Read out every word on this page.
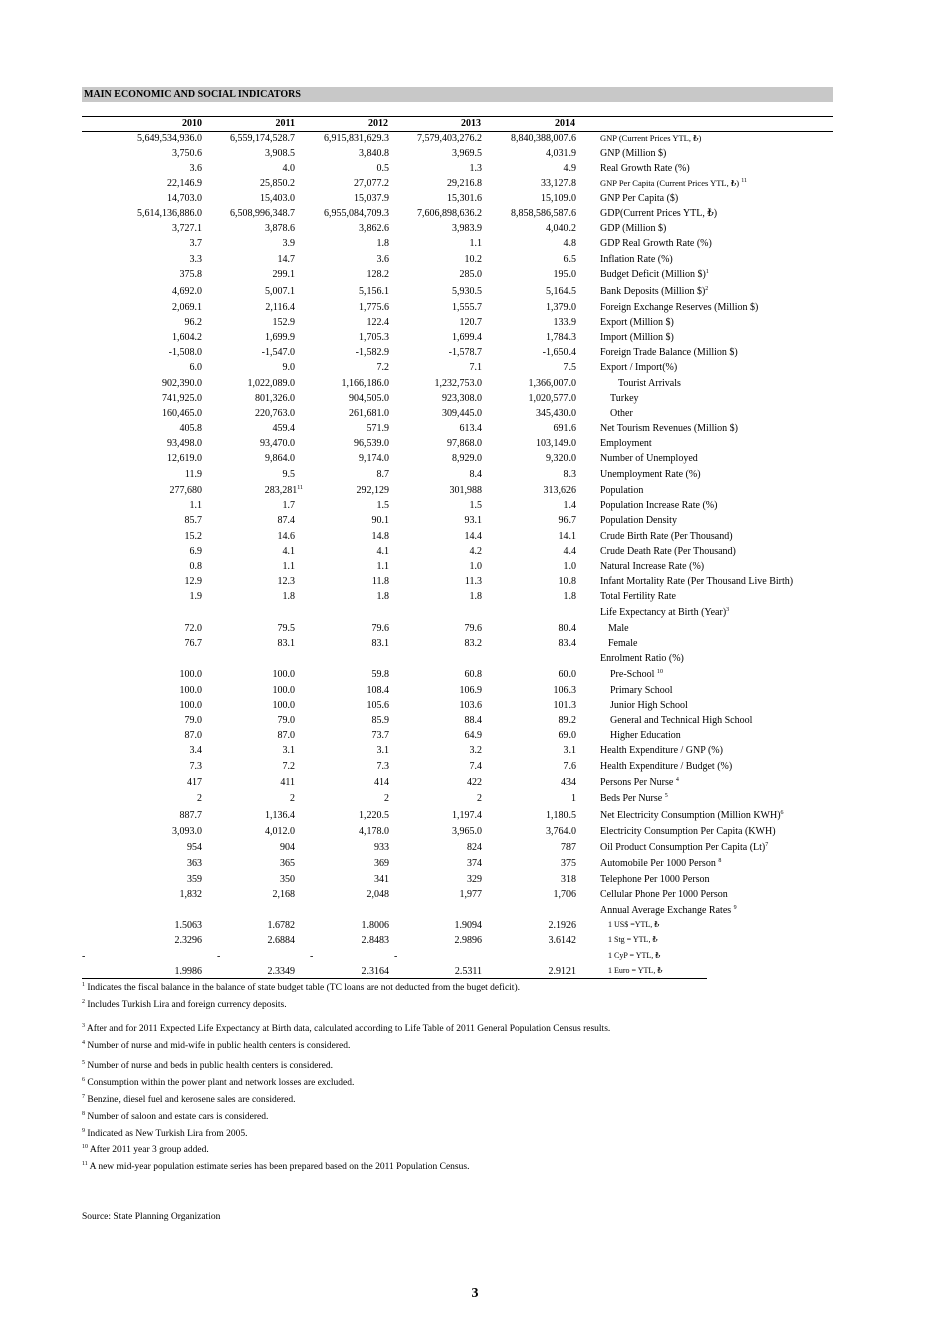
MAIN ECONOMIC AND SOCIAL INDICATORS
2010	2011	2012	2013	2014
5,649,534,936.0	6,559,174,528.7	6,915,831,629.3	7,579,403,276.2	8,840,388,007.6	GNP (Current Prices YTL, ₺)
3,750.6	3,908.5	3,840.8	3,969.5	4,031.9 GNP (Million $)
3.6	4.0	0.5	1.3	4.9 Real Growth Rate (%)
22,146.9	25,850.2	27,077.2	29,216.8	33,127.8	GNP Per Capita (Current Prices YTL, ₺) $^{11}$
14,703.0	15,403.0	15,037.9	15,301.6	15,109.0 GNP Per Capita ($)
5,614,136,886.0	6,508,996,348.7	6,955,084,709.3	7,606,898,636.2	8,858,586,587.6 GDP(Current Prices YTL, ₺)
3,727.1	3,878.6	3,862.6	3,983.9	4,040.2 GDP (Million $)
3.7	3.9	1.8	1.1	4.8 GDP Real Growth Rate (%)
3.3	14.7	3.6	10.2	6.5 Inflation Rate (%)
375.8	299.1	128.2	285.0	195.0 Budget Deficit (Million $)$^1$
4,692.0	5,007.1	5,156.1	5,930.5	5,164.5 Bank Deposits (Million $)$^2$
2,069.1	2,116.4	1,775.6	1,555.7	1,379.0 Foreign Exchange Reserves (Million $)
96.2	152.9	122.4	120.7	133.9 Export (Million $)
1,604.2	1,699.9	1,705.3	1,699.4	1,784.3 Import (Million $)
-1,508.0	-1,547.0	-1,582.9	-1,578.7	-1,650.4 Foreign Trade Balance (Million $)
6.0	9.0	7.2	7.1	7.5 Export / Import(%)
902,390.0	1,022,089.0	1,166,186.0	1,232,753.0	1,366,007.0	Tourist Arrivals
741,925.0	801,326.0	904,505.0	923,308.0	1,020,577.0	Turkey
160,465.0	220,763.0	261,681.0	309,445.0	345,430.0	Other
405.8	459.4	571.9	613.4	691.6 Net Tourism Revenues (Million $)
93,498.0	93,470.0	96,539.0	97,868.0	103,149.0 Employment
12,619.0	9,864.0	9,174.0	8,929.0	9,320.0 Number of Unemployed
11.9	9.5	8.7	8.4	8.3 Unemployment Rate (%)
277,680	283,281$^{11}$	292,129	301,988	313,626 Population
1.1	1.7	1.5	1.5	1.4 Population Increase Rate (%)
85.7	87.4	90.1	93.1	96.7 Population Density
15.2	14.6	14.8	14.4	14.1 Crude Birth Rate (Per Thousand)
6.9	4.1	4.1	4.2	4.4 Crude Death Rate (Per Thousand)
0.8	1.1	1.1	1.0	1.0 Natural Increase Rate (%)
12.9	12.3	11.8	11.3	10.8 Infant Mortality Rate (Per Thousand Live Birth)
1.9	1.8	1.8	1.8	1.8 Total Fertility Rate
Life Expectancy at Birth (Year)$^3$
72.0	79.5	79.6	79.6	80.4	Male
76.7	83.1	83.1	83.2	83.4	Female
Enrolment Ratio (%)
100.0	100.0	59.8	60.8	60.0	Pre-School $^{10}$
100.0	100.0	108.4	106.9	106.3	Primary School
100.0	100.0	105.6	103.6	101.3	Junior High School
79.0	79.0	85.9	88.4	89.2	General and Technical High School
87.0	87.0	73.7	64.9	69.0	Higher Education
3.4	3.1	3.1	3.2	3.1 Health Expenditure / GNP (%)
7.3	7.2	7.3	7.4	7.6 Health Expenditure / Budget (%)
417	411	414	422	434 Persons Per Nurse $^4$
2	2	2	2	1 Beds Per Nurse $^5$
887.7	1,136.4	1,220.5	1,197.4	1,180.5 Net Electricity Consumption (Million KWH)$^6$
3,093.0	4,012.0	4,178.0	3,965.0	3,764.0 Electricity Consumption Per Capita (KWH)
954	904	933	824	787 Oil Product Consumption Per Capita $(Lt)^7$
363	365	369	374	375 Automobile Per 1000 Person $^8$
359	350	341	329	318 Telephone Per 1000 Person
1,832	2,168	2,048	1,977	1,706 Cellular Phone Per 1000 Person
Annual Average Exchange Rates $^9$
1.5063	1.6782	1.8006	1.9094	2.1926	1 US$ =YTL, ₺
2.3296	2.6884	2.8483	2.9896	3.6142	1 Stg = YTL, ₺
-	-	-	-	1 CyP = YTL, ₺
1.9986	2.3349	2.3164	2.5311	2.9121	1 Euro = YTL, ₺
$^1$ Indicates the fiscal balance in the balance of state budget table (TC loans are not deducted from the buget deficit).
$^2$ Includes Turkish Lira and foreign currency deposits.
$^3$ After and for 2011 Expected Life Expectancy at Birth data, calculated according to Life Table of 2011 General Population Census results.
$^4$ Number of nurse and mid-wife in public health centers is considered.
$^5$ Number of nurse and beds in public health centers is considered.
$^6$ Consumption within the power plant and network losses are excluded.
$^7$ Benzine, diesel fuel and kerosene sales are considered.
$^8$ Number of saloon and estate cars is considered.
$^9$ Indicated as New Turkish Lira from 2005.
$^{10}$ After 2011 year 3 group added.
$^{11}$ A new mid-year population estimate series has been prepared based on the 2011 Population Census.
Source: State Planning Organization
3
